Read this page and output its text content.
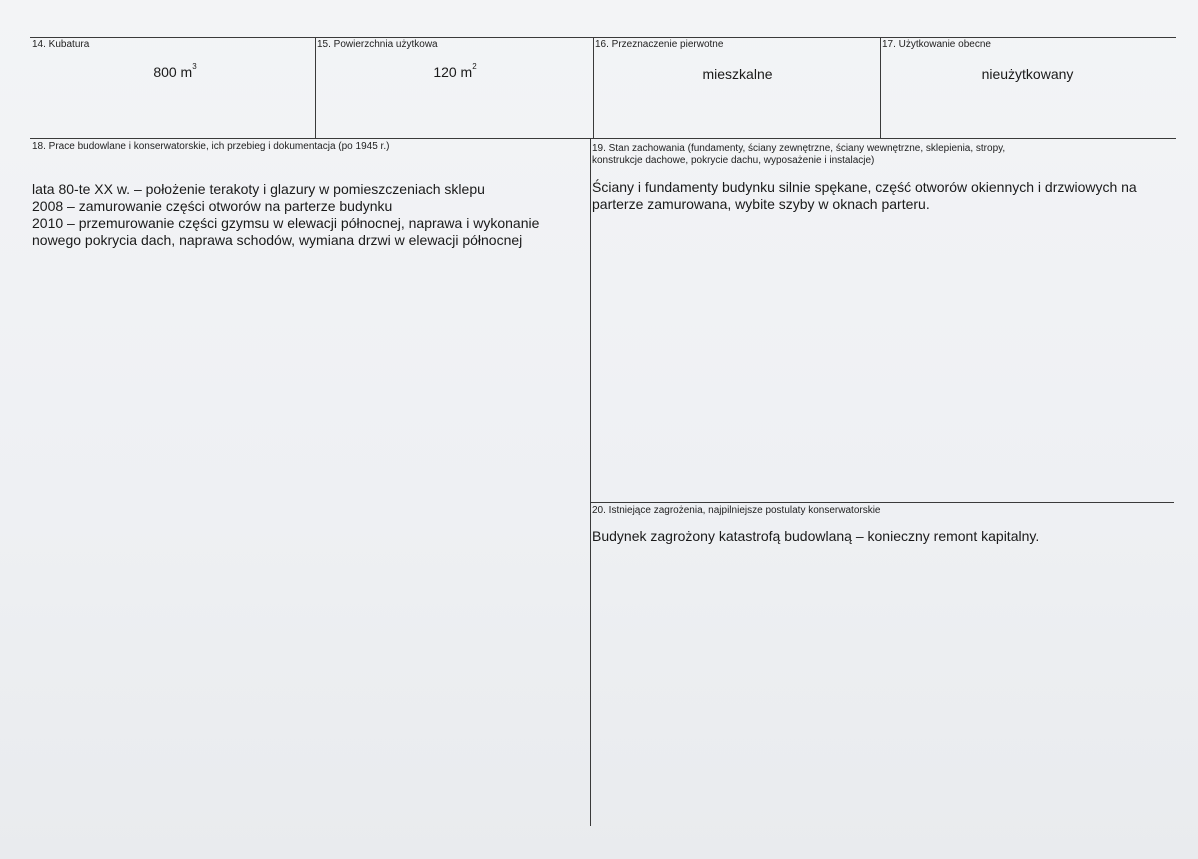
14. Kubatura
800 $m^3$
15. Powierzchnia użytkowa
120 $m^2$
16. Przeznaczenie pierwotne
mieszkalne
17. Użytkowanie obecne
nieużytkowany
18. Prace budowlane i konserwatorskie, ich przebieg i dokumentacja (po 1945 r.)
lata 80-te XX w. – położenie terakoty i glazury w pomieszczeniach sklepu
2008 – zamurowanie części otworów na parterze budynku
2010 – przemurowanie części gzymsu w elewacji północnej, naprawa i wykonanie
nowego pokrycia dach, naprawa schodów, wymiana drzwi w elewacji północnej
19. Stan zachowania (fundamenty, ściany zewnętrzne, ściany wewnętrzne, sklepienia, stropy,
konstrukcje dachowe, pokrycie dachu, wyposażenie i instalacje)
Ściany i fundamenty budynku silnie spękane, część otworów okiennych i drzwiowych na
parterze zamurowana, wybite szyby w oknach parteru.
20. Istniejące zagrożenia, najpilniejsze postulaty konserwatorskie
Budynek zagrożony katastrofą budowlaną – konieczny remont kapitalny.
